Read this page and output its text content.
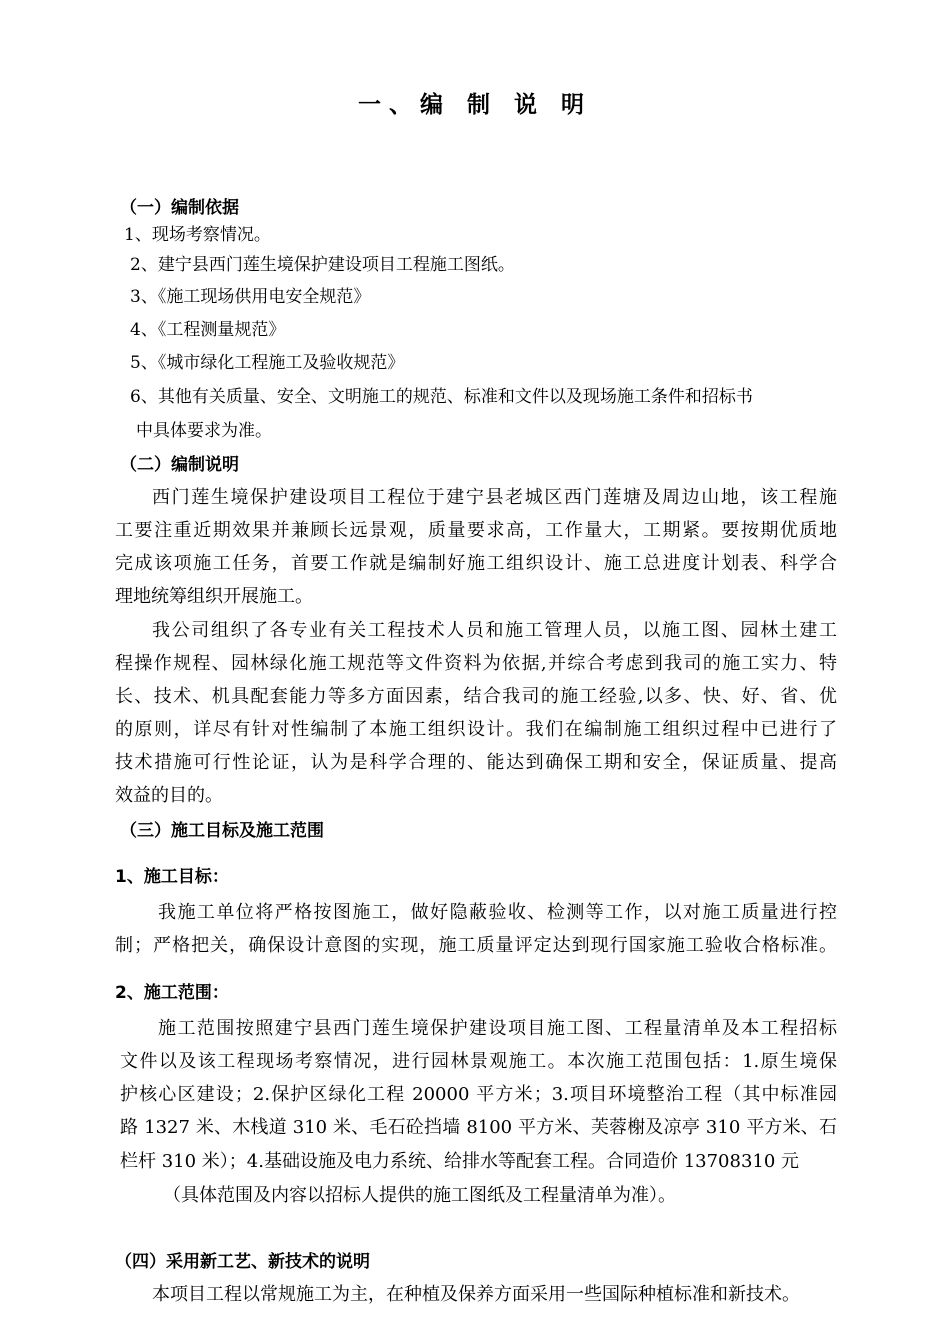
一、编 制 说 明
（一）编制依据
1、现场考察情况。
2、建宁县西门莲生境保护建设项目工程施工图纸。
3、《施工现场供用电安全规范》
4、《工程测量规范》
5、《城市绿化工程施工及验收规范》
6、其他有关质量、安全、文明施工的规范、标准和文件以及现场施工条件和招标书
中具体要求为准。
（二）编制说明
西门莲生境保护建设项目工程位于建宁县老城区西门莲塘及周边山地，该工程施
工要注重近期效果并兼顾长远景观，质量要求高，工作量大，工期紧。要按期优质地
完成该项施工任务，首要工作就是编制好施工组织设计、施工总进度计划表、科学合
理地统筹组织开展施工。
我公司组织了各专业有关工程技术人员和施工管理人员，以施工图、园林土建工
程操作规程、园林绿化施工规范等文件资料为依据,并综合考虑到我司的施工实力、特
长、技术、机具配套能力等多方面因素，结合我司的施工经验,以多、快、好、省、优
的原则，详尽有针对性编制了本施工组织设计。我们在编制施工组织过程中已进行了
技术措施可行性论证，认为是科学合理的、能达到确保工期和安全，保证质量、提高
效益的目的。
（三）施工目标及施工范围
1、施工目标：
我施工单位将严格按图施工，做好隐蔽验收、检测等工作，以对施工质量进行控
制；严格把关，确保设计意图的实现，施工质量评定达到现行国家施工验收合格标准。
2、施工范围：
施工范围按照建宁县西门莲生境保护建设项目施工图、工程量清单及本工程招标
文件以及该工程现场考察情况，进行园林景观施工。本次施工范围包括：1.原生境保
护核心区建设；2.保护区绿化工程 20000 平方米；3.项目环境整治工程（其中标准园
路 1327 米、木栈道 310 米、毛石砼挡墙 8100 平方米、芙蓉榭及凉亭 310 平方米、石
栏杆 310 米）；4.基础设施及电力系统、给排水等配套工程。合同造价 13708310 元
（具体范围及内容以招标人提供的施工图纸及工程量清单为准）。
（四）采用新工艺、新技术的说明
本项目工程以常规施工为主，在种植及保养方面采用一些国际种植标准和新技术。
